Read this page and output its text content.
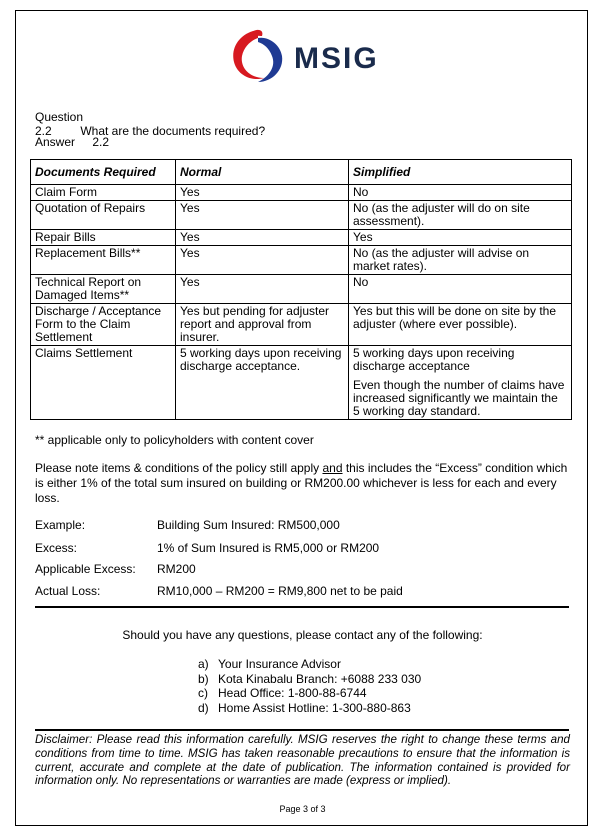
MSIG
Question 2.2 What are the documents required?
Answer 2.2
Documents Required	Normal	Simplified
Claim Form	Yes	No
Quotation of Repairs	Yes	No (as the adjuster will do on site assessment).
Repair Bills	Yes	Yes
Replacement Bills**	Yes	No (as the adjuster will advise on market rates).
Technical Report on Damaged Items**	Yes	No
Discharge / Acceptance Form to the Claim Settlement	Yes but pending for adjuster report and approval from insurer.	Yes but this will be done on site by the adjuster (where ever possible).
Claims Settlement	5 working days upon receiving discharge acceptance.	5 working days upon receiving discharge acceptance
Even though the number of claims have increased significantly we maintain the 5 working day standard.
** applicable only to policyholders with content cover
Please note items & conditions of the policy still apply and this includes the “Excess” condition which is either 1% of the total sum insured on building or RM200.00 whichever is less for each and every loss.
Example:	Building Sum Insured: RM500,000
Excess:	1% of Sum Insured is RM5,000 or RM200
Applicable Excess: RM200
Actual Loss:	RM10,000 – RM200 = RM9,800 net to be paid
Should you have any questions, please contact any of the following:
a) Your Insurance Advisor
b) Kota Kinabalu Branch: +6088 233 030
c) Head Office: 1-800-88-6744
d) Home Assist Hotline: 1-300-880-863
Disclaimer: Please read this information carefully. MSIG reserves the right to change these terms and conditions from time to time. MSIG has taken reasonable precautions to ensure that the information is current, accurate and complete at the date of publication. The information contained is provided for information only. No representations or warranties are made (express or implied).
Page 3 of 3
